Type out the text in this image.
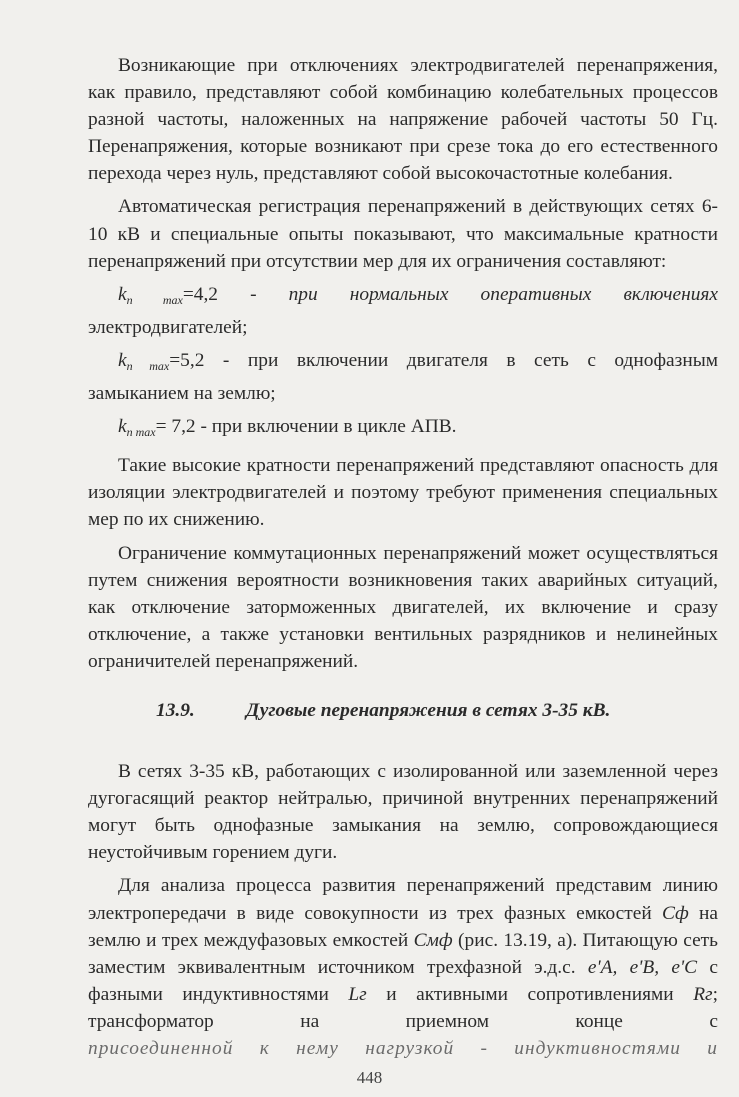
Возникающие при отключениях электродвигателей перенапряжения, как правило, представляют собой комбинацию колебательных процессов разной частоты, наложенных на напряжение рабочей частоты 50 Гц. Перенапряжения, которые возникают при срезе тока до его естественного перехода через нуль, представляют собой высокочастотные колебания.

Автоматическая регистрация перенапряжений в действующих сетях 6-10 кВ и специальные опыты показывают, что максимальные кратности перенапряжений при отсутствии мер для их ограничения составляют:

$k_{n max}=4,2$ - при нормальных оперативных включениях

электродвигателей;

$k_{n max}=5,2$ - при включении двигателя в сеть с однофазным

замыканием на землю;

$k_{n max}= 7,2$ - при включении в цикле АПВ.

Такие высокие кратности перенапряжений представляют опасность для изоляции электродвигателей и поэтому требуют применения специальных мер по их снижению.

Ограничение коммутационных перенапряжений может осуществляться путем снижения вероятности возникновения таких аварийных ситуаций, как отключение заторможенных двигателей, их включение и сразу отключение, а также установки вентильных разрядников и нелинейных ограничителей перенапряжений.

13.9.	Дуговые перенапряжения в сетях 3-35 кВ.

В сетях 3-35 кВ, работающих с изолированной или заземленной через дугогасящий реактор нейтралью, причиной внутренних перенапряжений могут быть однофазные замыкания на землю, сопровождающиеся неустойчивым горением дуги.

Для анализа процесса развития перенапряжений представим линию электропередачи в виде совокупности из трех фазных емкостей Cф на землю и трех междуфазовых емкостей Cмф (рис. 13.19, а). Питающую сеть заместим эквивалентным источником трехфазной э.д.с. e'A, e'B, e'C с фазными индуктивностями Lг и активными сопротивлениями Rг; трансформатор на приемном конце с

присоединенной к нему нагрузкой - индуктивностями и

448
